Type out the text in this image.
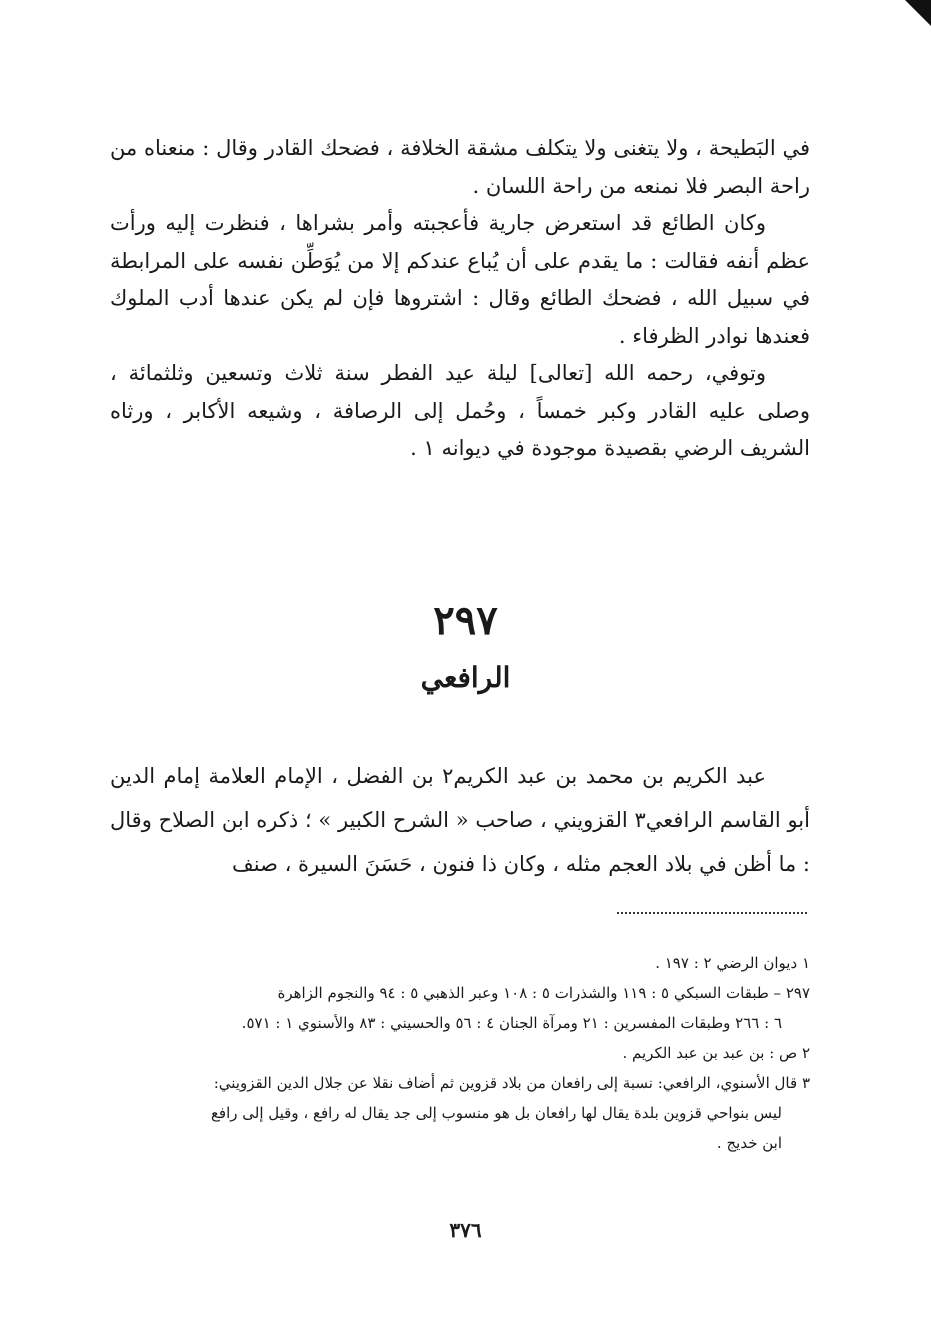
في البَطيحة ، ولا يتغنى ولا يتكلف مشقة الخلافة ، فضحك القادر وقال : منعناه من راحة البصر فلا نمنعه من راحة اللسان .

وكان الطائع قد استعرض جارية فأعجبته وأمر بشراها ، فنظرت إليه ورأت عظم أنفه فقالت : ما يقدم على أن يُباع عندكم إلا من يُوَطِّن نفسه على المرابطة في سبيل الله ، فضحك الطائع وقال : اشتروها فإن لم يكن عندها أدب الملوك فعندها نوادر الظرفاء .

وتوفي، رحمه الله [تعالى] ليلة عيد الفطر سنة ثلاث وتسعين وثلثمائة ، وصلى عليه القادر وكبر خمساً ، وحُمل إلى الرصافة ، وشيعه الأكابر ، ورثاه الشريف الرضي بقصيدة موجودة في ديوانه ١ .

٢٩٧
الرافعي

عبد الكريم بن محمد بن عبد الكريم٢ بن الفضل ، الإمام العلامة إمام الدين أبو القاسم الرافعي٣ القزويني ، صاحب « الشرح الكبير » ؛ ذكره ابن الصلاح وقال : ما أظن في بلاد العجم مثله ، وكان ذا فنون ، حَسَنَ السيرة ، صنف

١ ديوان الرضي ٢ : ١٩٧ .

٢٩٧ – طبقات السبكي ٥ : ١١٩ والشذرات ٥ : ١٠٨ وعبر الذهبي ٥ : ٩٤ والنجوم الزاهرة

٦ : ٢٦٦ وطبقات المفسرين : ٢١ ومرآة الجنان ٤ : ٥٦ والحسيني : ٨٣ والأسنوي ١ : ٥٧١.

٢ ص : بن عبد بن عبد الكريم .

٣ قال الأسنوي، الرافعي: نسبة إلى رافعان من بلاد قزوين ثم أضاف نقلا عن جلال الدين القزويني:

ليس بنواحي قزوين بلدة يقال لها رافعان بل هو منسوب إلى جد يقال له رافع ، وقيل إلى رافع

ابن خديج .

٣٧٦
